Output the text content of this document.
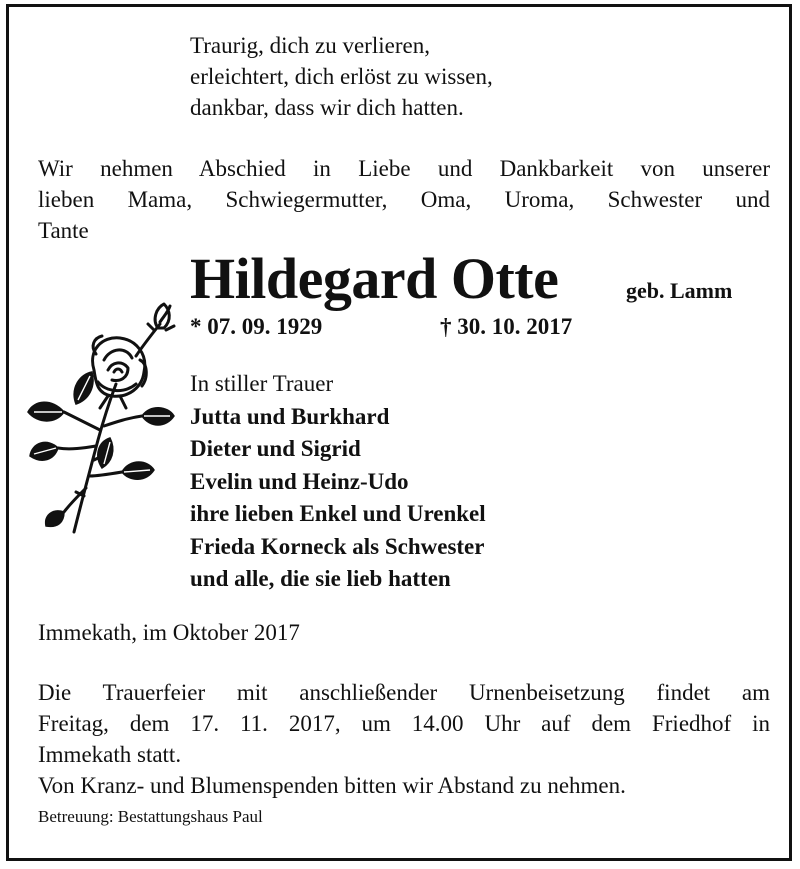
Traurig, dich zu verlieren,
erleichtert, dich erlöst zu wissen,
dankbar, dass wir dich hatten.
Wir nehmen Abschied in Liebe und Dankbarkeit von unserer
lieben Mama, Schwiegermutter, Oma, Uroma, Schwester und
Tante
Hildegard Otte	geb. Lamm
* 07. 09. 1929	† 30. 10. 2017
In stiller Trauer
Jutta und Burkhard
Dieter und Sigrid
Evelin und Heinz-Udo
ihre lieben Enkel und Urenkel
Frieda Korneck als Schwester
und alle, die sie lieb hatten
Immekath, im Oktober 2017
Die Trauerfeier mit anschließender Urnenbeisetzung findet am
Freitag, dem 17. 11. 2017, um 14.00 Uhr auf dem Friedhof in
Immekath statt.
Von Kranz- und Blumenspenden bitten wir Abstand zu nehmen.
Betreuung: Bestattungshaus Paul
